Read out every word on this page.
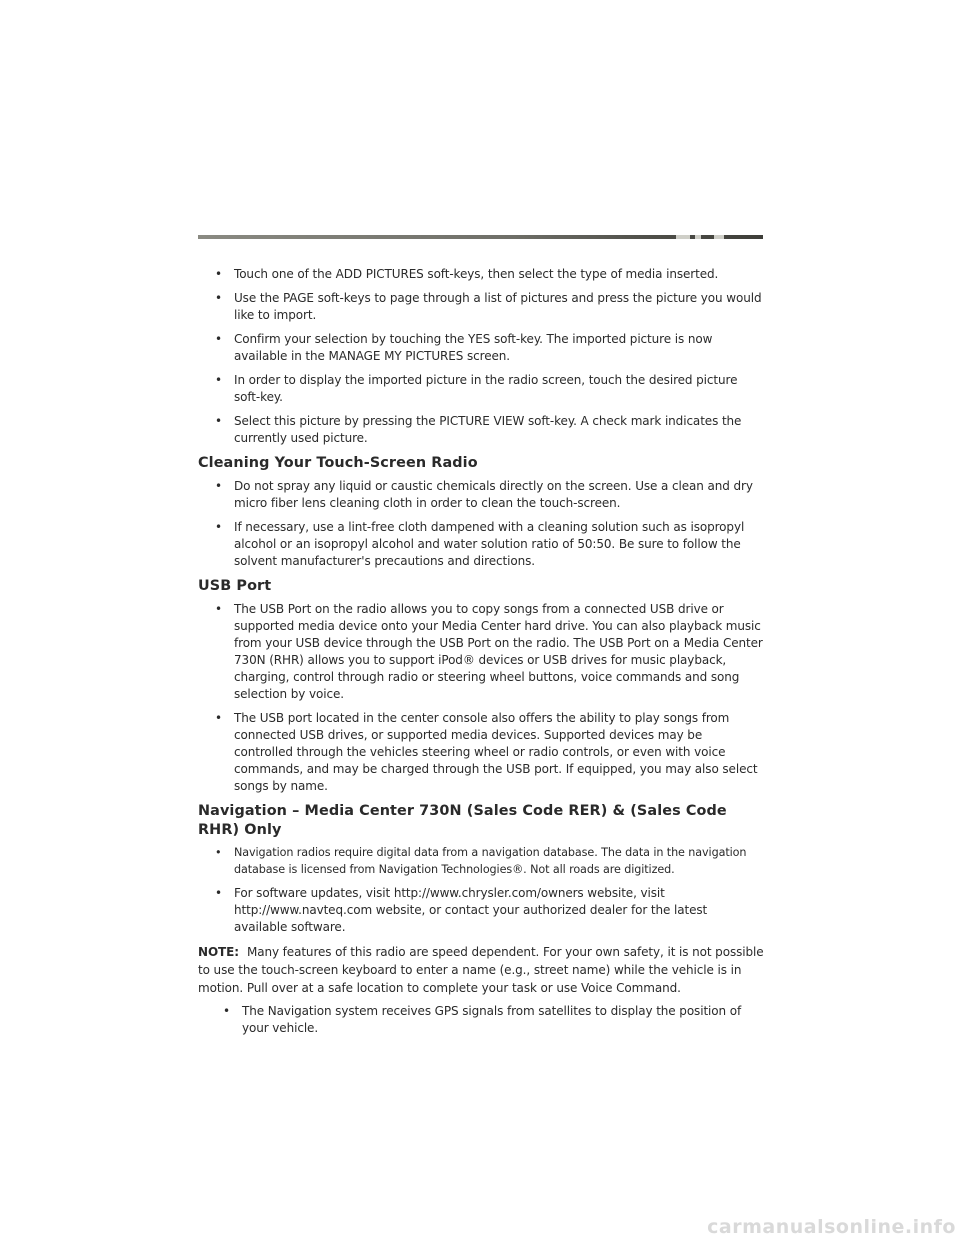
• Touch one of the ADD PICTURES soft-keys, then select the type of media inserted.
• Use the PAGE soft-keys to page through a list of pictures and press the picture you would like to import.
• Confirm your selection by touching the YES soft-key. The imported picture is now available in the MANAGE MY PICTURES screen.
• In order to display the imported picture in the radio screen, touch the desired picture soft-key.
• Select this picture by pressing the PICTURE VIEW soft-key. A check mark indicates the currently used picture.
Cleaning Your Touch-Screen Radio
• Do not spray any liquid or caustic chemicals directly on the screen. Use a clean and dry micro fiber lens cleaning cloth in order to clean the touch-screen.
• If necessary, use a lint-free cloth dampened with a cleaning solution such as isopropyl alcohol or an isopropyl alcohol and water solution ratio of 50:50. Be sure to follow the solvent manufacturer's precautions and directions.
USB Port
• The USB Port on the radio allows you to copy songs from a connected USB drive or supported media device onto your Media Center hard drive. You can also playback music from your USB device through the USB Port on the radio. The USB Port on a Media Center 730N (RHR) allows you to support iPod® devices or USB drives for music playback, charging, control through radio or steering wheel buttons, voice commands and song selection by voice.
• The USB port located in the center console also offers the ability to play songs from connected USB drives, or supported media devices. Supported devices may be controlled through the vehicles steering wheel or radio controls, or even with voice commands, and may be charged through the USB port. If equipped, you may also select songs by name.
Navigation – Media Center 730N (Sales Code RER) & (Sales Code RHR) Only
• Navigation radios require digital data from a navigation database. The data in the navigation database is licensed from Navigation Technologies®. Not all roads are digitized.
• For software updates, visit http://www.chrysler.com/owners website, visit http://www.navteq.com website, or contact your authorized dealer for the latest available software.

NOTE: Many features of this radio are speed dependent. For your own safety, it is not possible to use the touch-screen keyboard to enter a name (e.g., street name) while the vehicle is in motion. Pull over at a safe location to complete your task or use Voice Command.

• The Navigation system receives GPS signals from satellites to display the position of your vehicle.
carmanualsonline.info
